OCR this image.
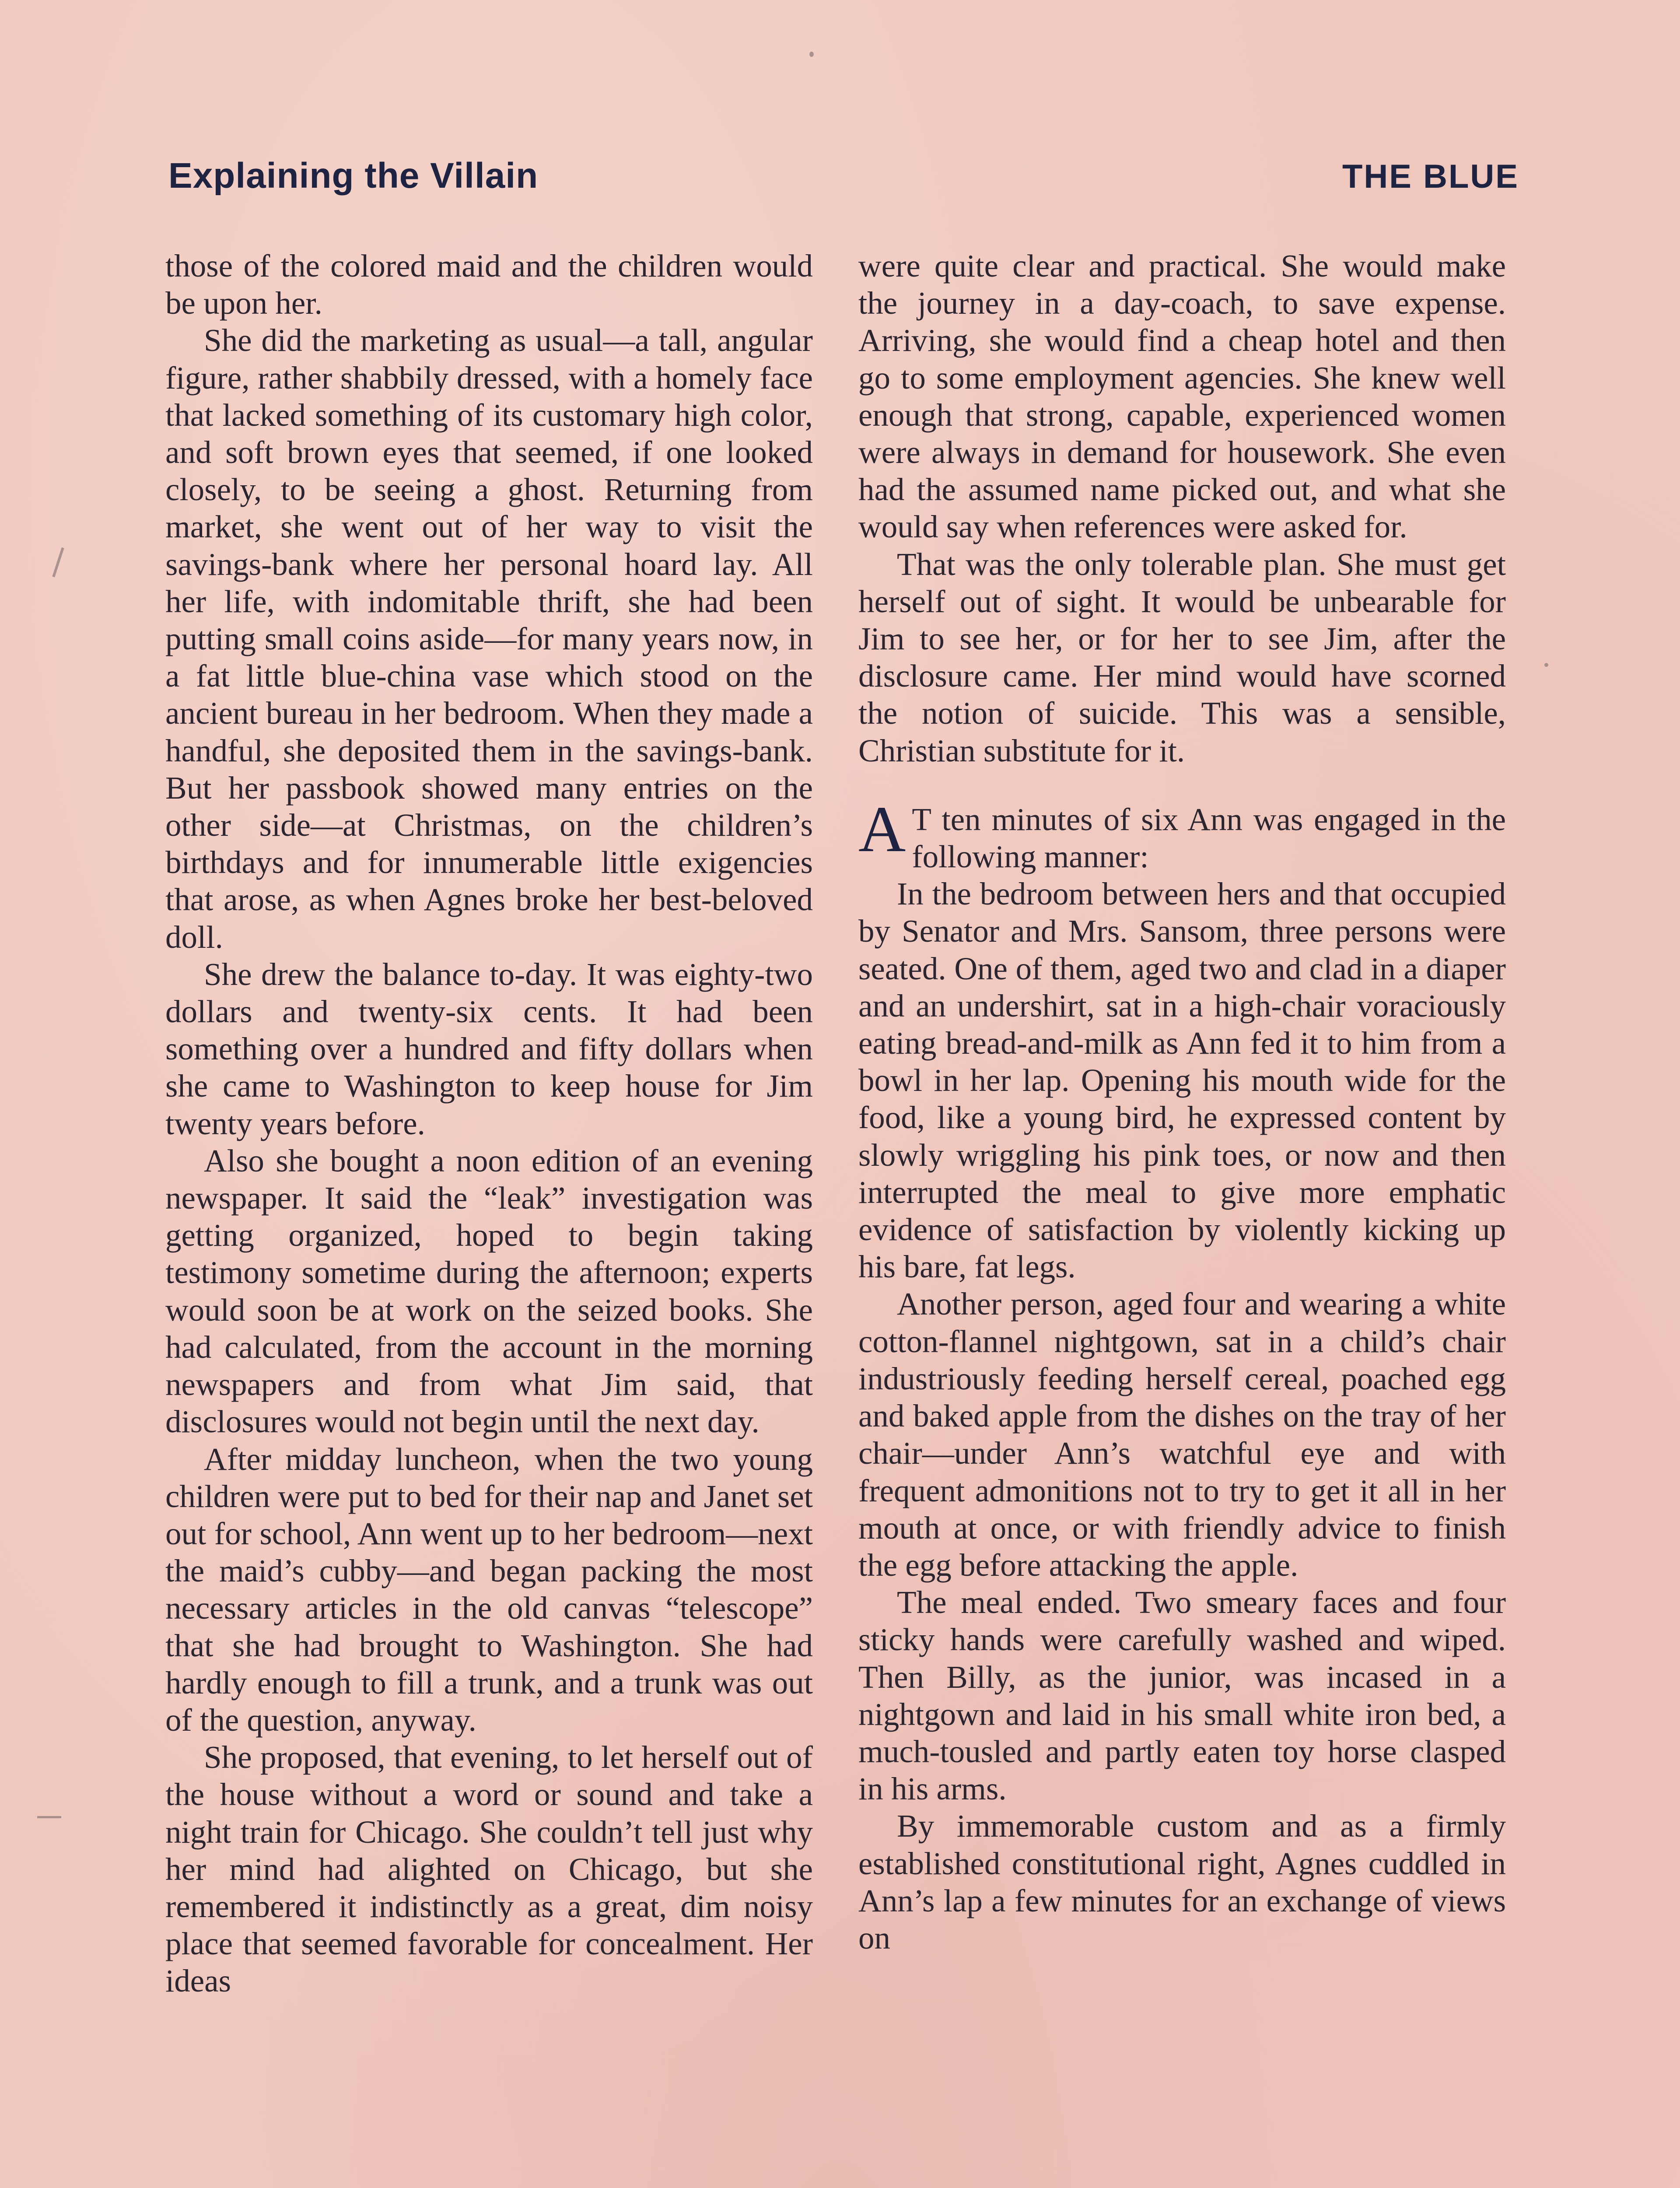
Explaining the Villain	THE BLUE

those of the colored maid and the children would be upon her.

She did the marketing as usual—a tall, angular figure, rather shabbily dressed, with a homely face that lacked something of its customary high color, and soft brown eyes that seemed, if one looked closely, to be seeing a ghost. Returning from market, she went out of her way to visit the savings-bank where her personal hoard lay. All her life, with indomitable thrift, she had been putting small coins aside—for many years now, in a fat little blue-china vase which stood on the ancient bureau in her bedroom. When they made a handful, she deposited them in the savings-bank. But her passbook showed many entries on the other side—at Christmas, on the children’s birthdays and for innumerable little exigencies that arose, as when Agnes broke her best-beloved doll.

She drew the balance to-day. It was eighty-two dollars and twenty-six cents. It had been something over a hundred and fifty dollars when she came to Washington to keep house for Jim twenty years before.

Also she bought a noon edition of an evening newspaper. It said the “leak” investigation was getting organized, hoped to begin taking testimony sometime during the afternoon; experts would soon be at work on the seized books. She had calculated, from the account in the morning newspapers and from what Jim said, that disclosures would not begin until the next day.

After midday luncheon, when the two young children were put to bed for their nap and Janet set out for school, Ann went up to her bedroom—next the maid’s cubby—and began packing the most necessary articles in the old canvas “telescope” that she had brought to Washington. She had hardly enough to fill a trunk, and a trunk was out of the question, anyway.

She proposed, that evening, to let herself out of the house without a word or sound and take a night train for Chicago. She couldn’t tell just why her mind had alighted on Chicago, but she remembered it indistinctly as a great, dim noisy place that seemed favorable for concealment. Her ideas

were quite clear and practical. She would make the journey in a day-coach, to save expense. Arriving, she would find a cheap hotel and then go to some employment agencies. She knew well enough that strong, capable, experienced women were always in demand for housework. She even had the assumed name picked out, and what she would say when references were asked for.

That was the only tolerable plan. She must get herself out of sight. It would be unbearable for Jim to see her, or for her to see Jim, after the disclosure came. Her mind would have scorned the notion of suicide. This was a sensible, Christian substitute for it.

A T ten minutes of six Ann was engaged in the following manner:

In the bedroom between hers and that occupied by Senator and Mrs. Sansom, three persons were seated. One of them, aged two and clad in a diaper and an undershirt, sat in a high-chair voraciously eating bread-and-milk as Ann fed it to him from a bowl in her lap. Opening his mouth wide for the food, like a young bird, he expressed content by slowly wriggling his pink toes, or now and then interrupted the meal to give more emphatic evidence of satisfaction by violently kicking up his bare, fat legs.

Another person, aged four and wearing a white cotton-flannel nightgown, sat in a child’s chair industriously feeding herself cereal, poached egg and baked apple from the dishes on the tray of her chair—under Ann’s watchful eye and with frequent admonitions not to try to get it all in her mouth at once, or with friendly advice to finish the egg before attacking the apple.

The meal ended. Two smeary faces and four sticky hands were carefully washed and wiped. Then Billy, as the junior, was incased in a nightgown and laid in his small white iron bed, a much-tousled and partly eaten toy horse clasped in his arms.

By immemorable custom and as a firmly established constitutional right, Agnes cuddled in Ann’s lap a few minutes for an exchange of views on
